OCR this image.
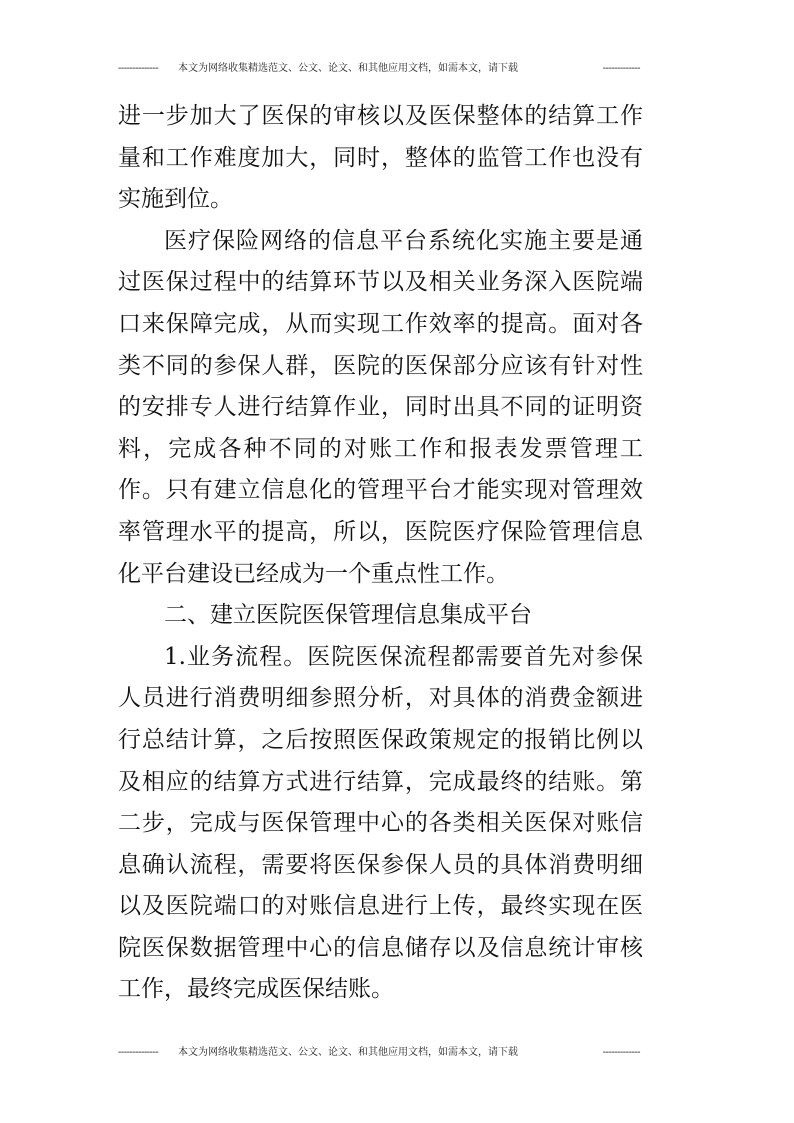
-------------- 本文为网络收集精选范文、公文、论文、和其他应用文档，如需本文，请下载	-------------

进一步加大了医保的审核以及医保整体的结算工作量和工作难度加大，同时，整体的监管工作也没有实施到位。

医疗保险网络的信息平台系统化实施主要是通过医保过程中的结算环节以及相关业务深入医院端口来保障完成，从而实现工作效率的提高。面对各类不同的参保人群，医院的医保部分应该有针对性的安排专人进行结算作业，同时出具不同的证明资料，完成各种不同的对账工作和报表发票管理工作。只有建立信息化的管理平台才能实现对管理效率管理水平的提高，所以，医院医疗保险管理信息化平台建设已经成为一个重点性工作。

二、建立医院医保管理信息集成平台

1.业务流程。医院医保流程都需要首先对参保人员进行消费明细参照分析，对具体的消费金额进行总结计算，之后按照医保政策规定的报销比例以及相应的结算方式进行结算，完成最终的结账。第二步，完成与医保管理中心的各类相关医保对账信息确认流程，需要将医保参保人员的具体消费明细以及医院端口的对账信息进行上传，最终实现在医院医保数据管理中心的信息储存以及信息统计审核工作，最终完成医保结账。

-------------- 本文为网络收集精选范文、公文、论文、和其他应用文档，如需本文，请下载	-------------
